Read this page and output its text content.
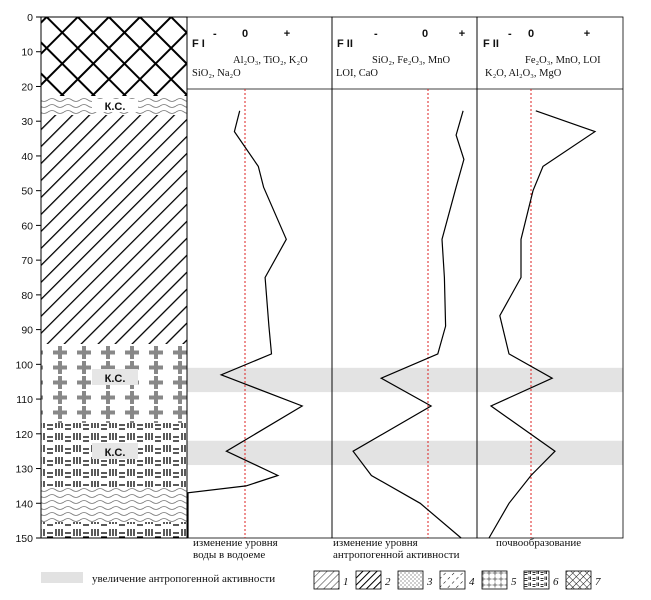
F I
- 0	+
Al₂O₃, TiO₂, K₂O
SiO₂, Na₂O
F II
-	0	+
SiO₂, Fe₂O₃, MnO
LOI, CaO
F II
- 0	+
Fe₂O₃, MnO, LOI
K₂O, Al₂O₃, MgO
К.С.
К.С.
К.С.
0
10
20
30
40
50
60
70
80
90
100
110
120
130
140
150	изменение уровня
воды в водоеме
изменение уровня
антропогенной активности
почвообразование
увеличение антропогенной активности	1	2	3	4	5	6	7
